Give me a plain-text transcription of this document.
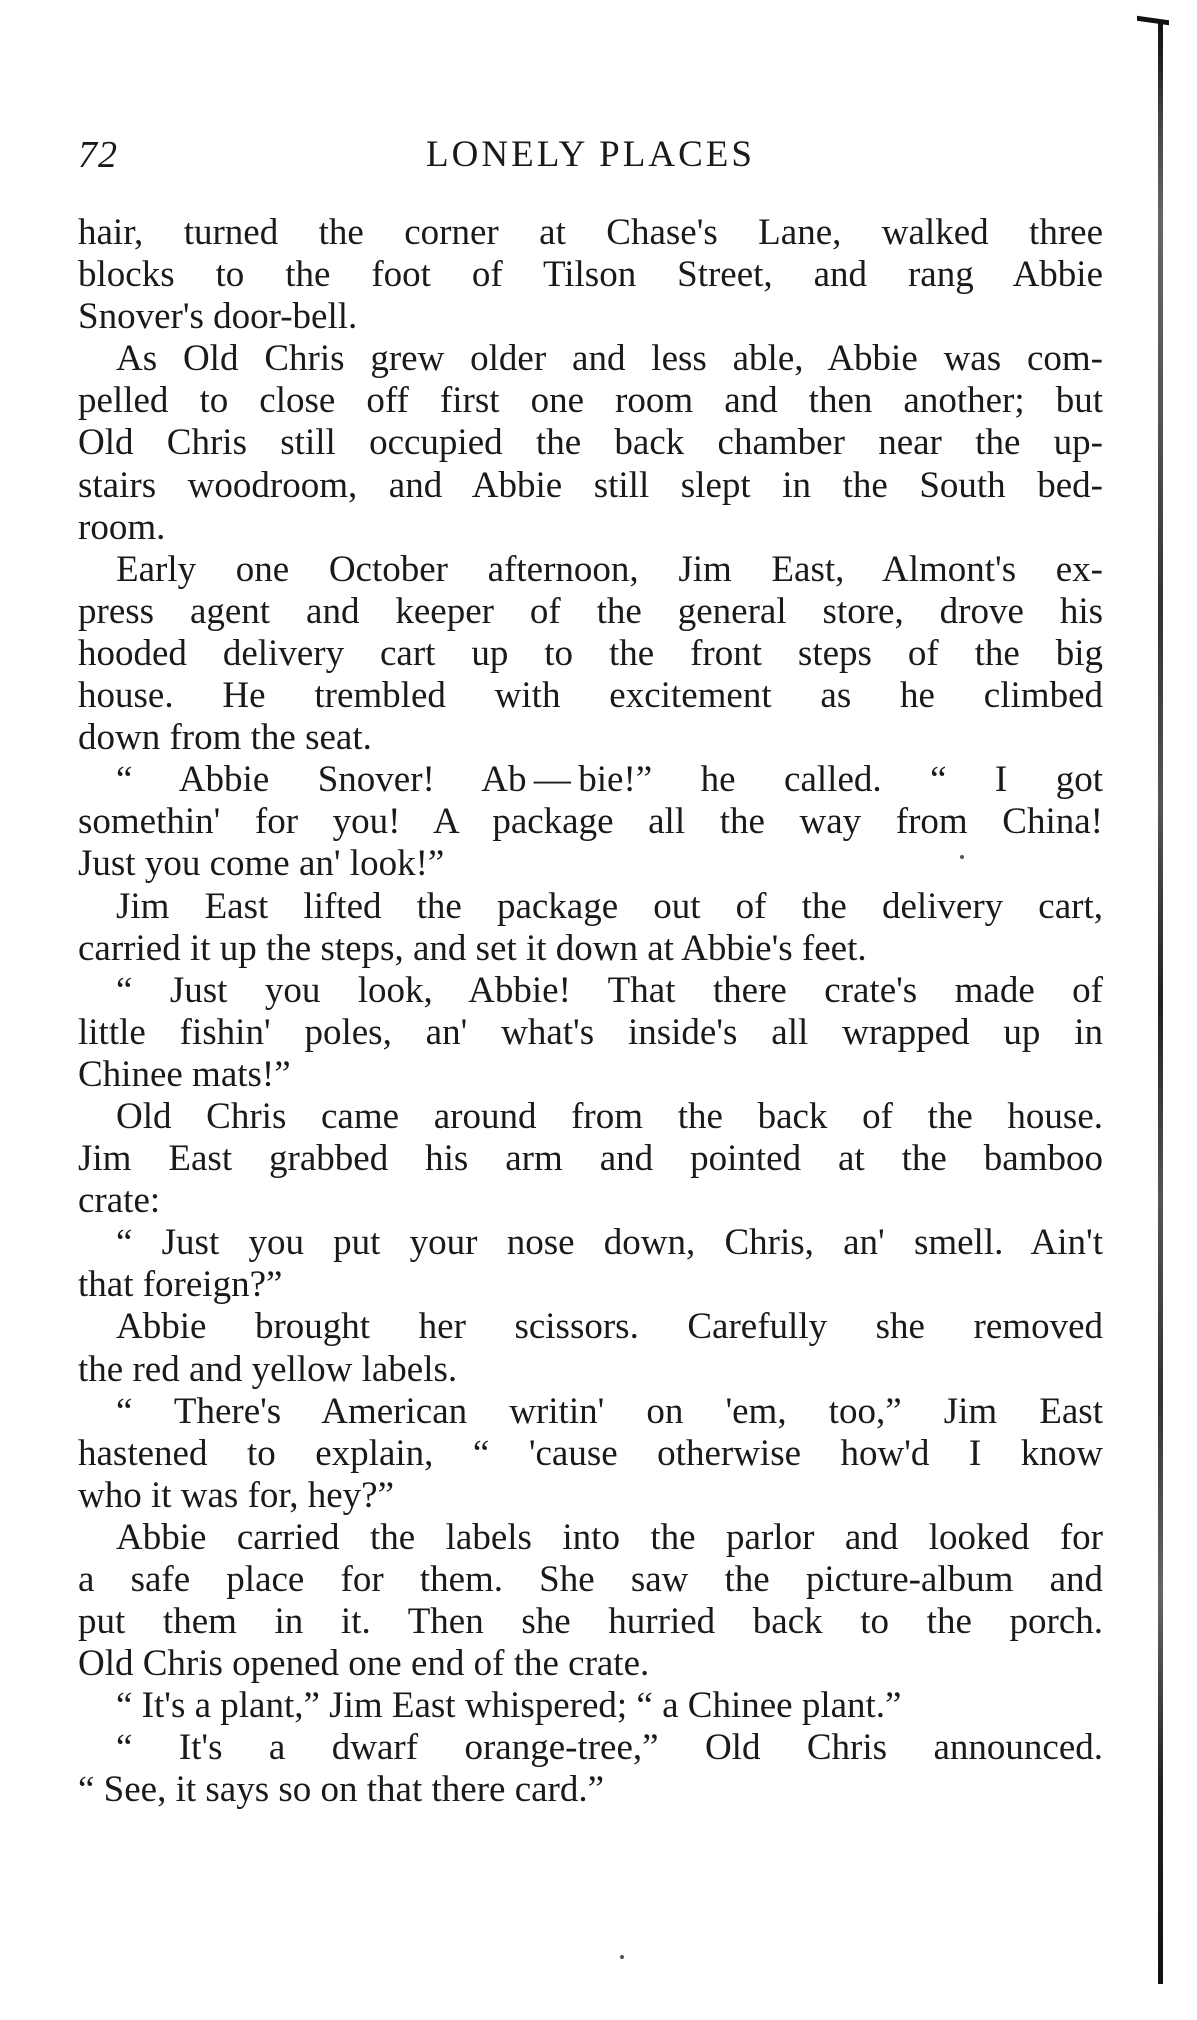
72	LONELY PLACES
hair, turned the corner at Chase's Lane, walked three
blocks to the foot of Tilson Street, and rang Abbie
Snover's door-bell.
As Old Chris grew older and less able, Abbie was com-
pelled to close off first one room and then another; but
Old Chris still occupied the back chamber near the up-
stairs woodroom, and Abbie still slept in the South bed-
room.
Early one October afternoon, Jim East, Almont's ex-
press agent and keeper of the general store, drove his
hooded delivery cart up to the front steps of the big
house. He trembled with excitement as he climbed
down from the seat.
“ Abbie Snover! Ab — bie!” he called. “ I got
somethin' for you! A package all the way from China!
Just you come an' look!”
Jim East lifted the package out of the delivery cart,
carried it up the steps, and set it down at Abbie's feet.
“ Just you look, Abbie! That there crate's made of
little fishin' poles, an' what's inside's all wrapped up in
Chinee mats!”
Old Chris came around from the back of the house.
Jim East grabbed his arm and pointed at the bamboo
crate:
“ Just you put your nose down, Chris, an' smell. Ain't
that foreign?”
Abbie brought her scissors. Carefully she removed
the red and yellow labels.
“ There's American writin' on 'em, too,” Jim East
hastened to explain, “ 'cause otherwise how'd I know
who it was for, hey?”
Abbie carried the labels into the parlor and looked for
a safe place for them. She saw the picture-album and
put them in it. Then she hurried back to the porch.
Old Chris opened one end of the crate.
“ It's a plant,” Jim East whispered; “ a Chinee plant.”
“ It's a dwarf orange-tree,” Old Chris announced.
“ See, it says so on that there card.”
